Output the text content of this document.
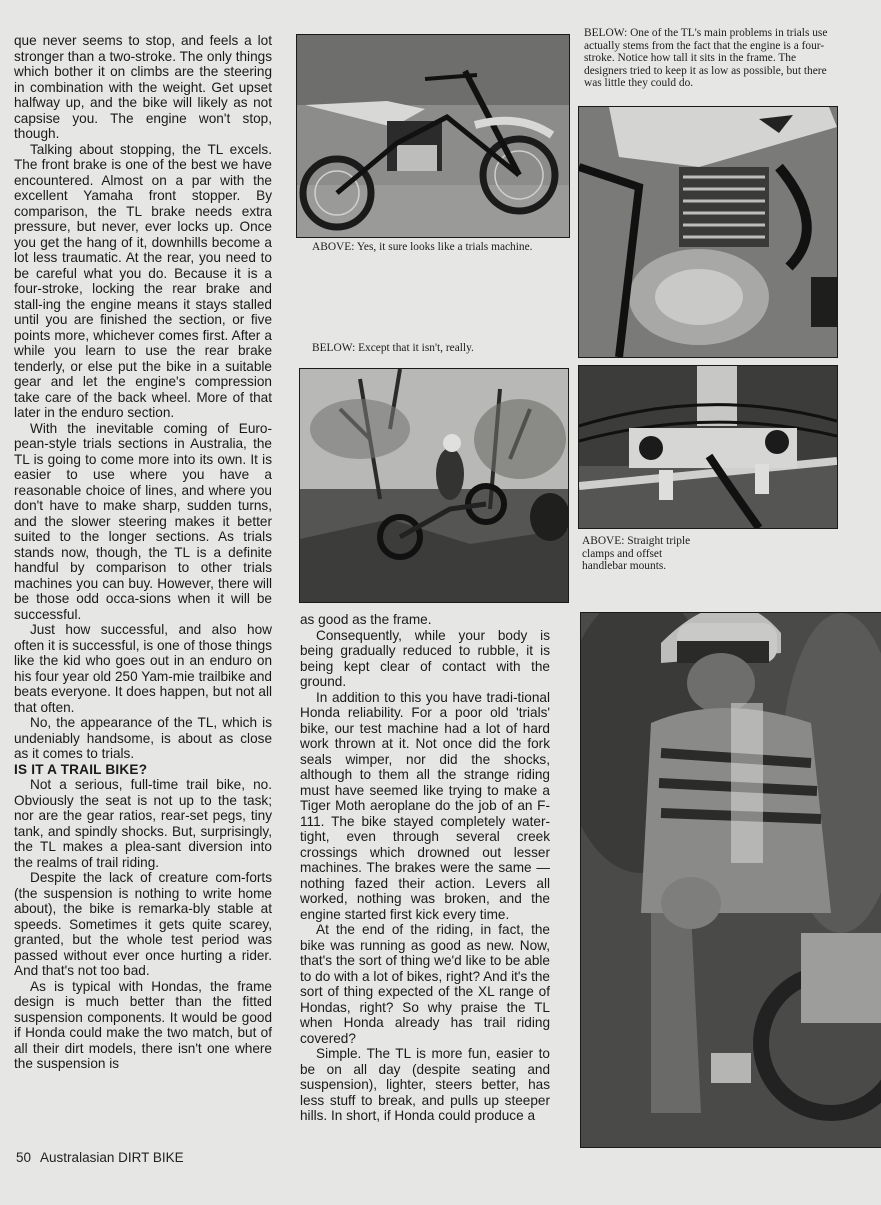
que never seems to stop, and feels a lot stronger than a two-stroke. The only things which bother it on climbs are the steering in combination with the weight. Get upset halfway up, and the bike will likely as not capsise you. The engine won't stop, though.

Talking about stopping, the TL excels. The front brake is one of the best we have encountered. Almost on a par with the excellent Yamaha front stopper. By comparison, the TL brake needs extra pressure, but never, ever locks up. Once you get the hang of it, downhills become a lot less traumatic. At the rear, you need to be careful what you do. Because it is a four-stroke, locking the rear brake and stall-ing the engine means it stays stalled until you are finished the section, or five points more, whichever comes first. After a while you learn to use the rear brake tenderly, or else put the bike in a suitable gear and let the engine's compression take care of the back wheel. More of that later in the enduro section.

With the inevitable coming of Euro-pean-style trials sections in Australia, the TL is going to come more into its own. It is easier to use where you have a reasonable choice of lines, and where you don't have to make sharp, sudden turns, and the slower steering makes it better suited to the longer sections. As trials stands now, though, the TL is a definite handful by comparison to other trials machines you can buy. However, there will be those odd occa-sions when it will be successful.

Just how successful, and also how often it is successful, is one of those things like the kid who goes out in an enduro on his four year old 250 Yam-mie trailbike and beats everyone. It does happen, but not all that often.

No, the appearance of the TL, which is undeniably handsome, is about as close as it comes to trials.

IS IT A TRAIL BIKE?

Not a serious, full-time trail bike, no. Obviously the seat is not up to the task; nor are the gear ratios, rear-set pegs, tiny tank, and spindly shocks. But, surprisingly, the TL makes a plea-sant diversion into the realms of trail riding.

Despite the lack of creature com-forts (the suspension is nothing to write home about), the bike is remarka-bly stable at speeds. Sometimes it gets quite scarey, granted, but the whole test period was passed without ever once hurting a rider. And that's not too bad.

As is typical with Hondas, the frame design is much better than the fitted suspension components. It would be good if Honda could make the two match, but of all their dirt models, there isn't one where the suspension is

ABOVE: Yes, it sure looks like a trials machine.
BELOW: Except that it isn't, really.
BELOW: One of the TL's main problems in trials use actually stems from the fact that the engine is a four-stroke. Notice how tall it sits in the frame. The designers tried to keep it as low as possible, but there was little they could do.
ABOVE: Straight triple clamps and offset handlebar mounts.

as good as the frame.

Consequently, while your body is being gradually reduced to rubble, it is being kept clear of contact with the ground.

In addition to this you have tradi-tional Honda reliability. For a poor old 'trials' bike, our test machine had a lot of hard work thrown at it. Not once did the fork seals wimper, nor did the shocks, although to them all the strange riding must have seemed like trying to make a Tiger Moth aeroplane do the job of an F-111. The bike stayed completely water-tight, even through several creek crossings which drowned out lesser machines. The brakes were the same — nothing fazed their action. Levers all worked, nothing was broken, and the engine started first kick every time.

At the end of the riding, in fact, the bike was running as good as new. Now, that's the sort of thing we'd like to be able to do with a lot of bikes, right? And it's the sort of thing expected of the XL range of Hondas, right? So why praise the TL when Honda already has trail riding covered?

Simple. The TL is more fun, easier to be on all day (despite seating and suspension), lighter, steers better, has less stuff to break, and pulls up steeper hills. In short, if Honda could produce a

50 Australasian DIRT BIKE
